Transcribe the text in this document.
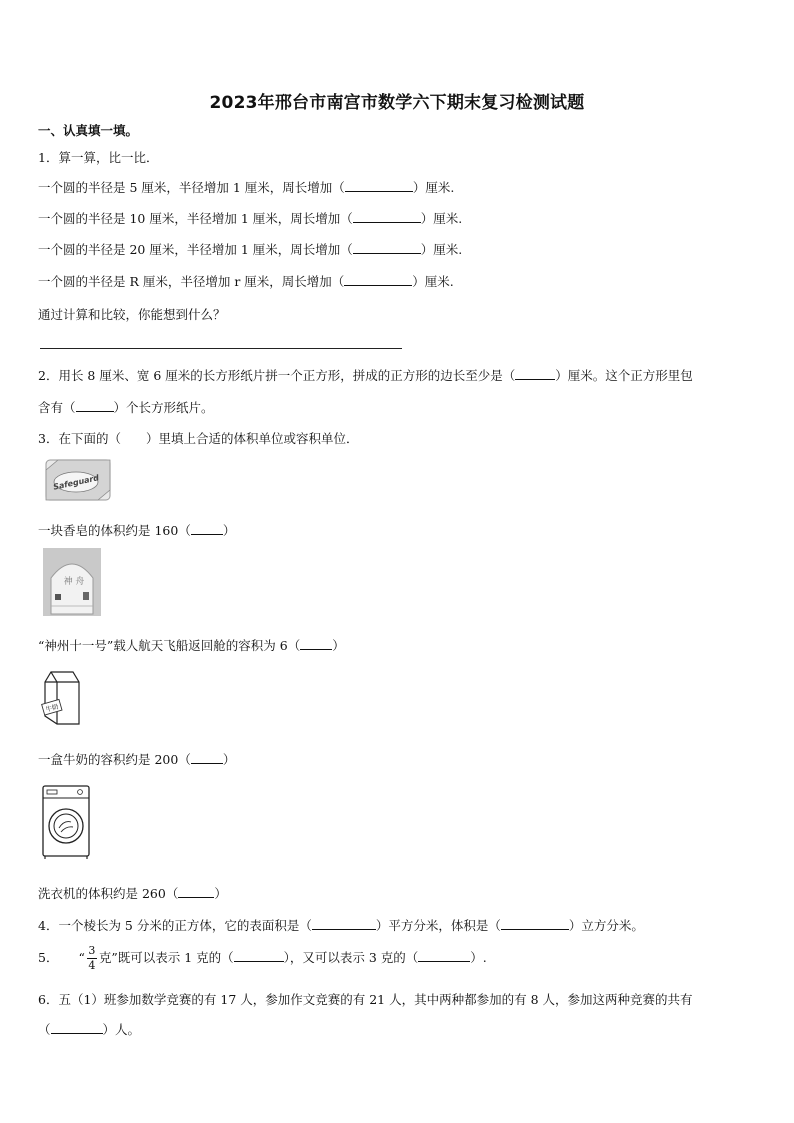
2023年邢台市南宫市数学六下期末复习检测试题
一、认真填一填。
1．算一算，比一比．
一个圆的半径是 5 厘米，半径增加 1 厘米，周长增加（	）厘米.
一个圆的半径是 10 厘米，半径增加 1 厘米，周长增加（	）厘米.
一个圆的半径是 20 厘米，半径增加 1 厘米，周长增加（	）厘米.
一个圆的半径是 R 厘米，半径增加 r 厘米，周长增加（	）厘米.
通过计算和比较，你能想到什么？
2．用长 8 厘米、宽 6 厘米的长方形纸片拼一个正方形，拼成的正方形的边长至少是（	）厘米。这个正方形里包
含有（	）个长方形纸片。
3．在下面的（　　）里填上合适的体积单位或容积单位．
Safeguard
一块香皂的体积约是 160（	）
神 舟
“神州十一号”载人航天飞船返回舱的容积为 6（	）
牛奶
一盒牛奶的容积约是 200（	）
洗衣机的体积约是 260（	）
4．一个棱长为 5 分米的正方体，它的表面积是（	）平方分米，体积是（	）立方分米。
5． “ $\frac{3}{4}$ 克”既可以表示 1 克的（	），又可以表示 3 克的（	）.
6．五（1）班参加数学竞赛的有 17 人，参加作文竞赛的有 21 人，其中两种都参加的有 8 人，参加这两种竞赛的共有
（	）人。
